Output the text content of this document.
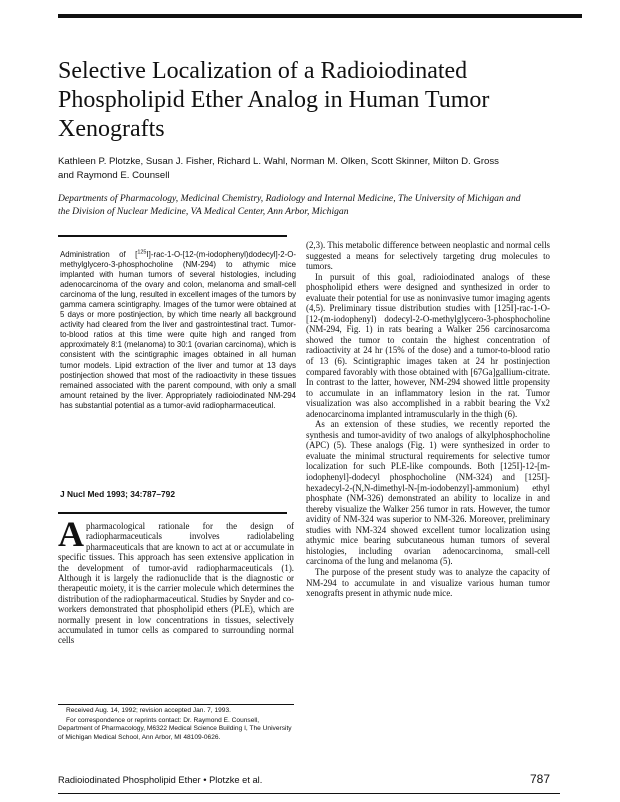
Selective Localization of a Radioiodinated
Phospholipid Ether Analog in Human Tumor
Xenografts
Kathleen P. Plotzke, Susan J. Fisher, Richard L. Wahl, Norman M. Olken, Scott Skinner, Milton D. Gross
and Raymond E. Counsell
Departments of Pharmacology, Medicinal Chemistry, Radiology and Internal Medicine, The University of Michigan and
the Division of Nuclear Medicine, VA Medical Center, Ann Arbor, Michigan
Administration of [$^{125}$I]-rac-1-O-[12-(m-iodophenyl)dodecyl]-2-O-methylglycero-3-phosphocholine (NM-294) to athymic mice implanted with human tumors of several histologies, including adenocarcinoma of the ovary and colon, melanoma and small-cell carcinoma of the lung, resulted in excellent images of the tumors by gamma camera scintigraphy. Images of the tumor were obtained at 5 days or more postinjection, by which time nearly all background activity had cleared from the liver and gastrointestinal tract. Tumor-to-blood ratios at this time were quite high and ranged from approximately 8:1 (melanoma) to 30:1 (ovarian carcinoma), which is consistent with the scintigraphic images obtained in all human tumor models. Lipid extraction of the liver and tumor at 13 days postinjection showed that most of the radioactivity in these tissues remained associated with the parent compound, with only a small amount retained by the liver. Appropriately radioiodinated NM-294 has substantial potential as a tumor-avid radiopharmaceutical.
J Nucl Med 1993; 34:787–792

A pharmacological rationale for the design of radiopharmaceuticals involves radiolabeling pharmaceuticals that are known to act at or accumulate in specific tissues. This approach has seen extensive application in the development of tumor-avid radiopharmaceuticals (1). Although it is largely the radionuclide that is the diagnostic or therapeutic moiety, it is the carrier molecule which determines the distribution of the radiopharmaceutical. Studies by Snyder and co-workers demonstrated that phospholipid ethers (PLE), which are normally present in low concentrations in tissues, selectively accumulated in tumor cells as compared to surrounding normal cells

(2,3). This metabolic difference between neoplastic and normal cells suggested a means for selectively targeting drug molecules to tumors.

In pursuit of this goal, radioiodinated analogs of these phospholipid ethers were designed and synthesized in order to evaluate their potential for use as noninvasive tumor imaging agents (4,5). Preliminary tissue distribution studies with [125I]-rac-1-O-[12-(m-iodophenyl) dodecyl-2-O-methylglycero-3-phosphocholine (NM-294, Fig. 1) in rats bearing a Walker 256 carcinosarcoma showed the tumor to contain the highest concentration of radioactivity at 24 hr (15% of the dose) and a tumor-to-blood ratio of 13 (6). Scintigraphic images taken at 24 hr postinjection compared favorably with those obtained with [67Ga]gallium-citrate. In contrast to the latter, however, NM-294 showed little propensity to accumulate in an inflammatory lesion in the rat. Tumor visualization was also accomplished in a rabbit bearing the Vx2 adenocarcinoma implanted intramuscularly in the thigh (6).

As an extension of these studies, we recently reported the synthesis and tumor-avidity of two analogs of alkylphosphocholine (APC) (5). These analogs (Fig. 1) were synthesized in order to evaluate the minimal structural requirements for selective tumor localization for such PLE-like compounds. Both [125I]-12-[m-iodophenyl]-dodecyl phosphocholine (NM-324) and [125I]-hexadecyl-2-(N,N-dimethyl-N-[m-iodobenzyl]-ammonium) ethyl phosphate (NM-326) demonstrated an ability to localize in and thereby visualize the Walker 256 tumor in rats. However, the tumor avidity of NM-324 was superior to NM-326. Moreover, preliminary studies with NM-324 showed excellent tumor localization using athymic mice bearing subcutaneous human tumors of several histologies, including ovarian adenocarcinoma, small-cell carcinoma of the lung and melanoma (5).

The purpose of the present study was to analyze the capacity of NM-294 to accumulate in and visualize various human tumor xenografts present in athymic nude mice.

Received Aug. 14, 1992; revision accepted Jan. 7, 1993.

For correspondence or reprints contact: Dr. Raymond E. Counsell, Department of Pharmacology, M6322 Medical Science Building I, The University of Michigan Medical School, Ann Arbor, MI 48109-0626.

Radioiodinated Phospholipid Ether • Plotzke et al.	787
